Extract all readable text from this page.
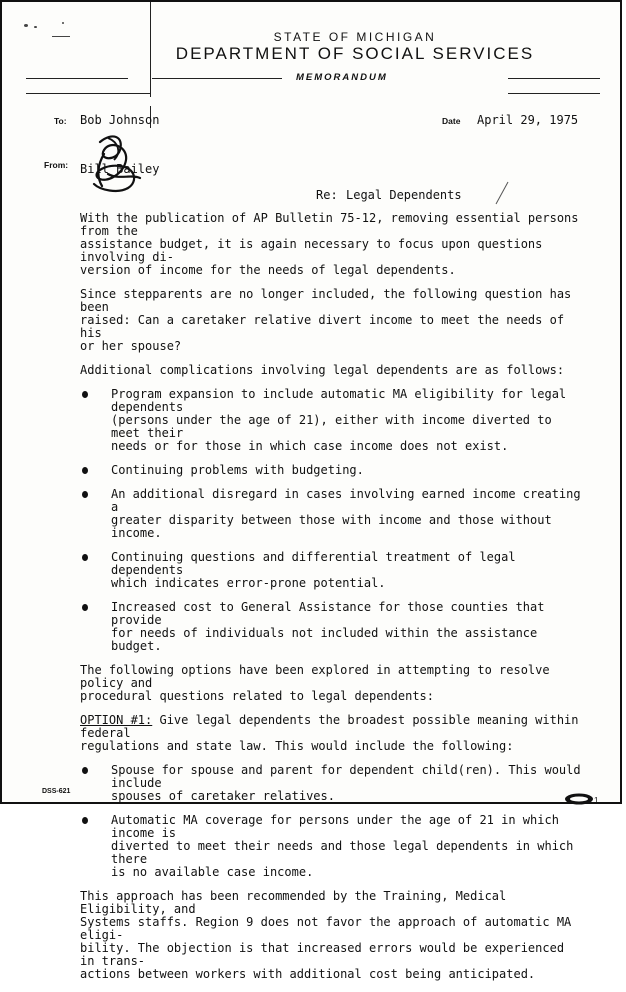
STATE OF MICHIGAN
DEPARTMENT OF SOCIAL SERVICES
MEMORANDUM
To: Bob Johnson	Date April 29, 1975
From: Bill Bailey
Re: Legal Dependents

With the publication of AP Bulletin 75-12, removing essential persons from the
assistance budget, it is again necessary to focus upon questions involving di-
version of income for the needs of legal dependents.

Since stepparents are no longer included, the following question has been
raised: Can a caretaker relative divert income to meet the needs of his
or her spouse?

Additional complications involving legal dependents are as follows:

Program expansion to include automatic MA eligibility for legal dependents
(persons under the age of 21), either with income diverted to meet their
needs or for those in which case income does not exist.
Continuing problems with budgeting.
An additional disregard in cases involving earned income creating a
greater disparity between those with income and those without income.
Continuing questions and differential treatment of legal dependents
which indicates error-prone potential.
Increased cost to General Assistance for those counties that provide
for needs of individuals not included within the assistance budget.

The following options have been explored in attempting to resolve policy and
procedural questions related to legal dependents:

OPTION #1: Give legal dependents the broadest possible meaning within federal
regulations and state law. This would include the following:

Spouse for spouse and parent for dependent child(ren). This would include
spouses of caretaker relatives.
Automatic MA coverage for persons under the age of 21 in which income is
diverted to meet their needs and those legal dependents in which there
is no available case income.

This approach has been recommended by the Training, Medical Eligibility, and
Systems staffs. Region 9 does not favor the approach of automatic MA eligi-
bility. The objection is that increased errors would be experienced in trans-
actions between workers with additional cost being anticipated.

DSS-621
1
